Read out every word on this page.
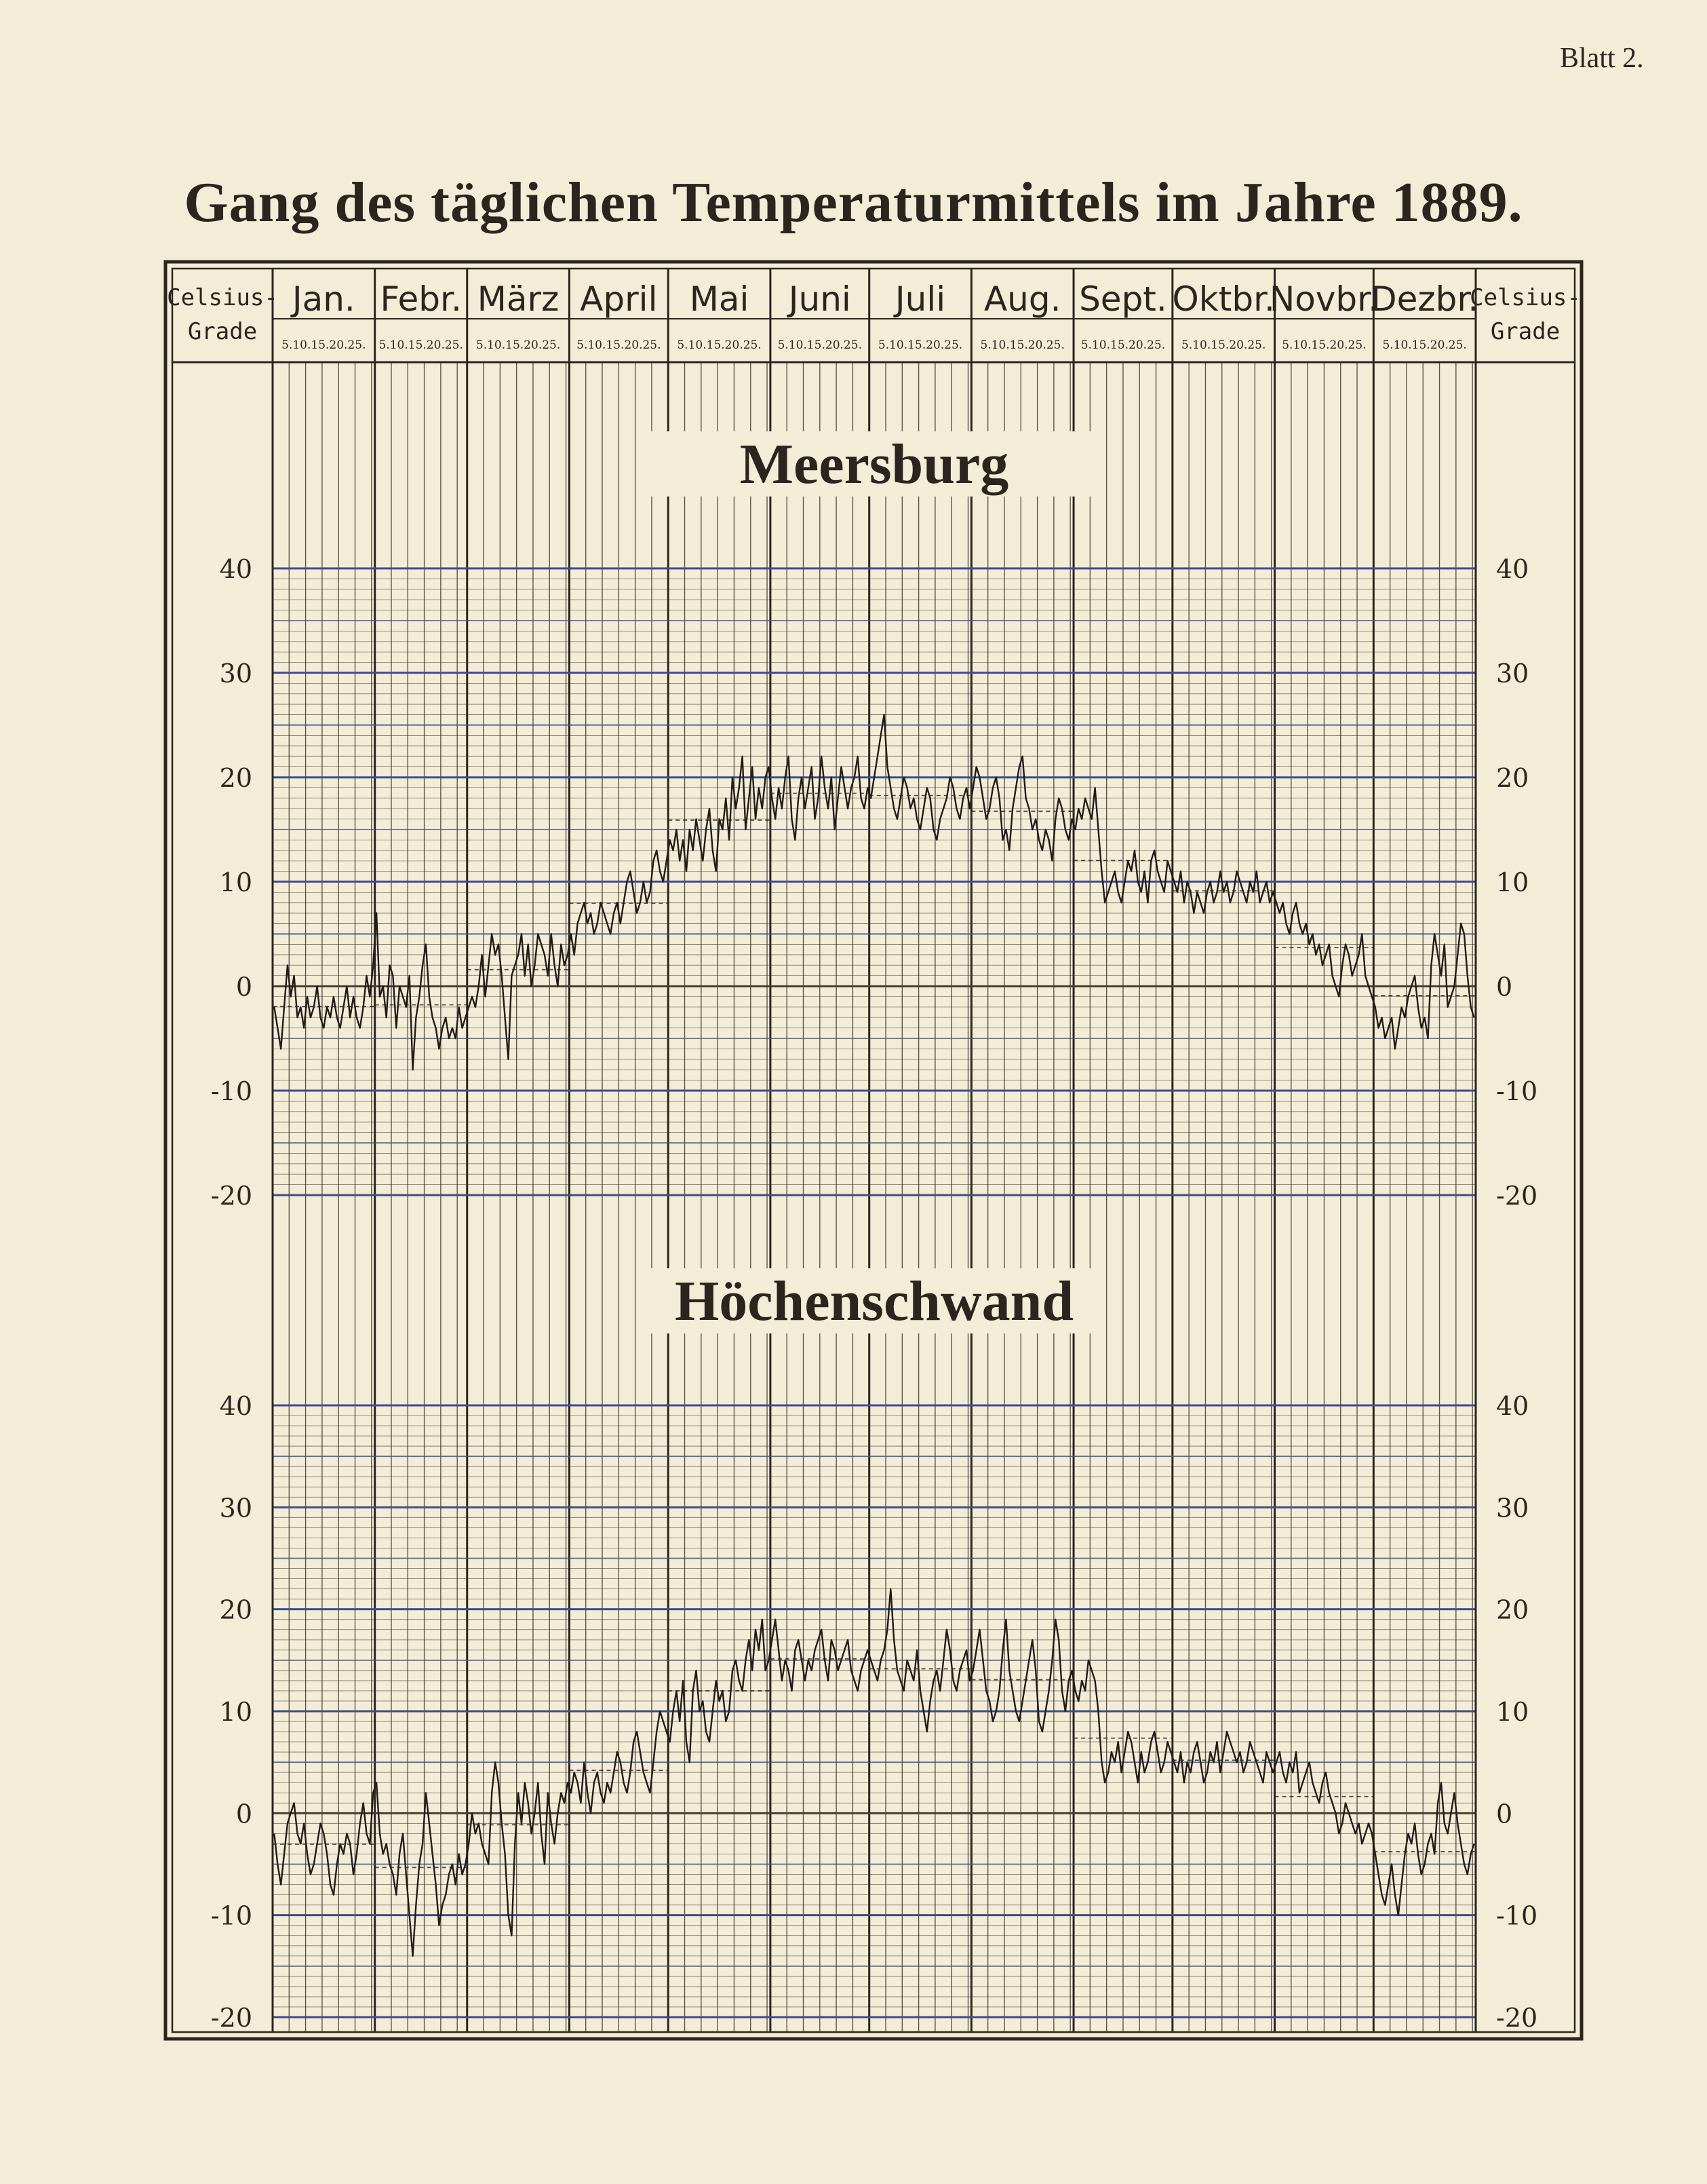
Blatt 2.
Gang des täglichen Temperaturmittels im Jahre 1889.
Jan.
5.10.15.20.25.
Febr.
5.10.15.20.25.
März
5.10.15.20.25.
April
5.10.15.20.25.
Mai
5.10.15.20.25.
Juni
5.10.15.20.25.
Juli
5.10.15.20.25.
Aug.
5.10.15.20.25.
Sept.
5.10.15.20.25.
Oktbr.
5.10.15.20.25.
Novbr.
5.10.15.20.25.
Dezbr.
5.10.15.20.25.
Celsius-
Grade
Celsius-
Grade
Meersburg
40	40
30	30
20	20
10	10
0	0
-10	-10
-20	-20
Höchenschwand
40	40
30	30
20	20
10	10
0	0
-10	-10
-20	-20
